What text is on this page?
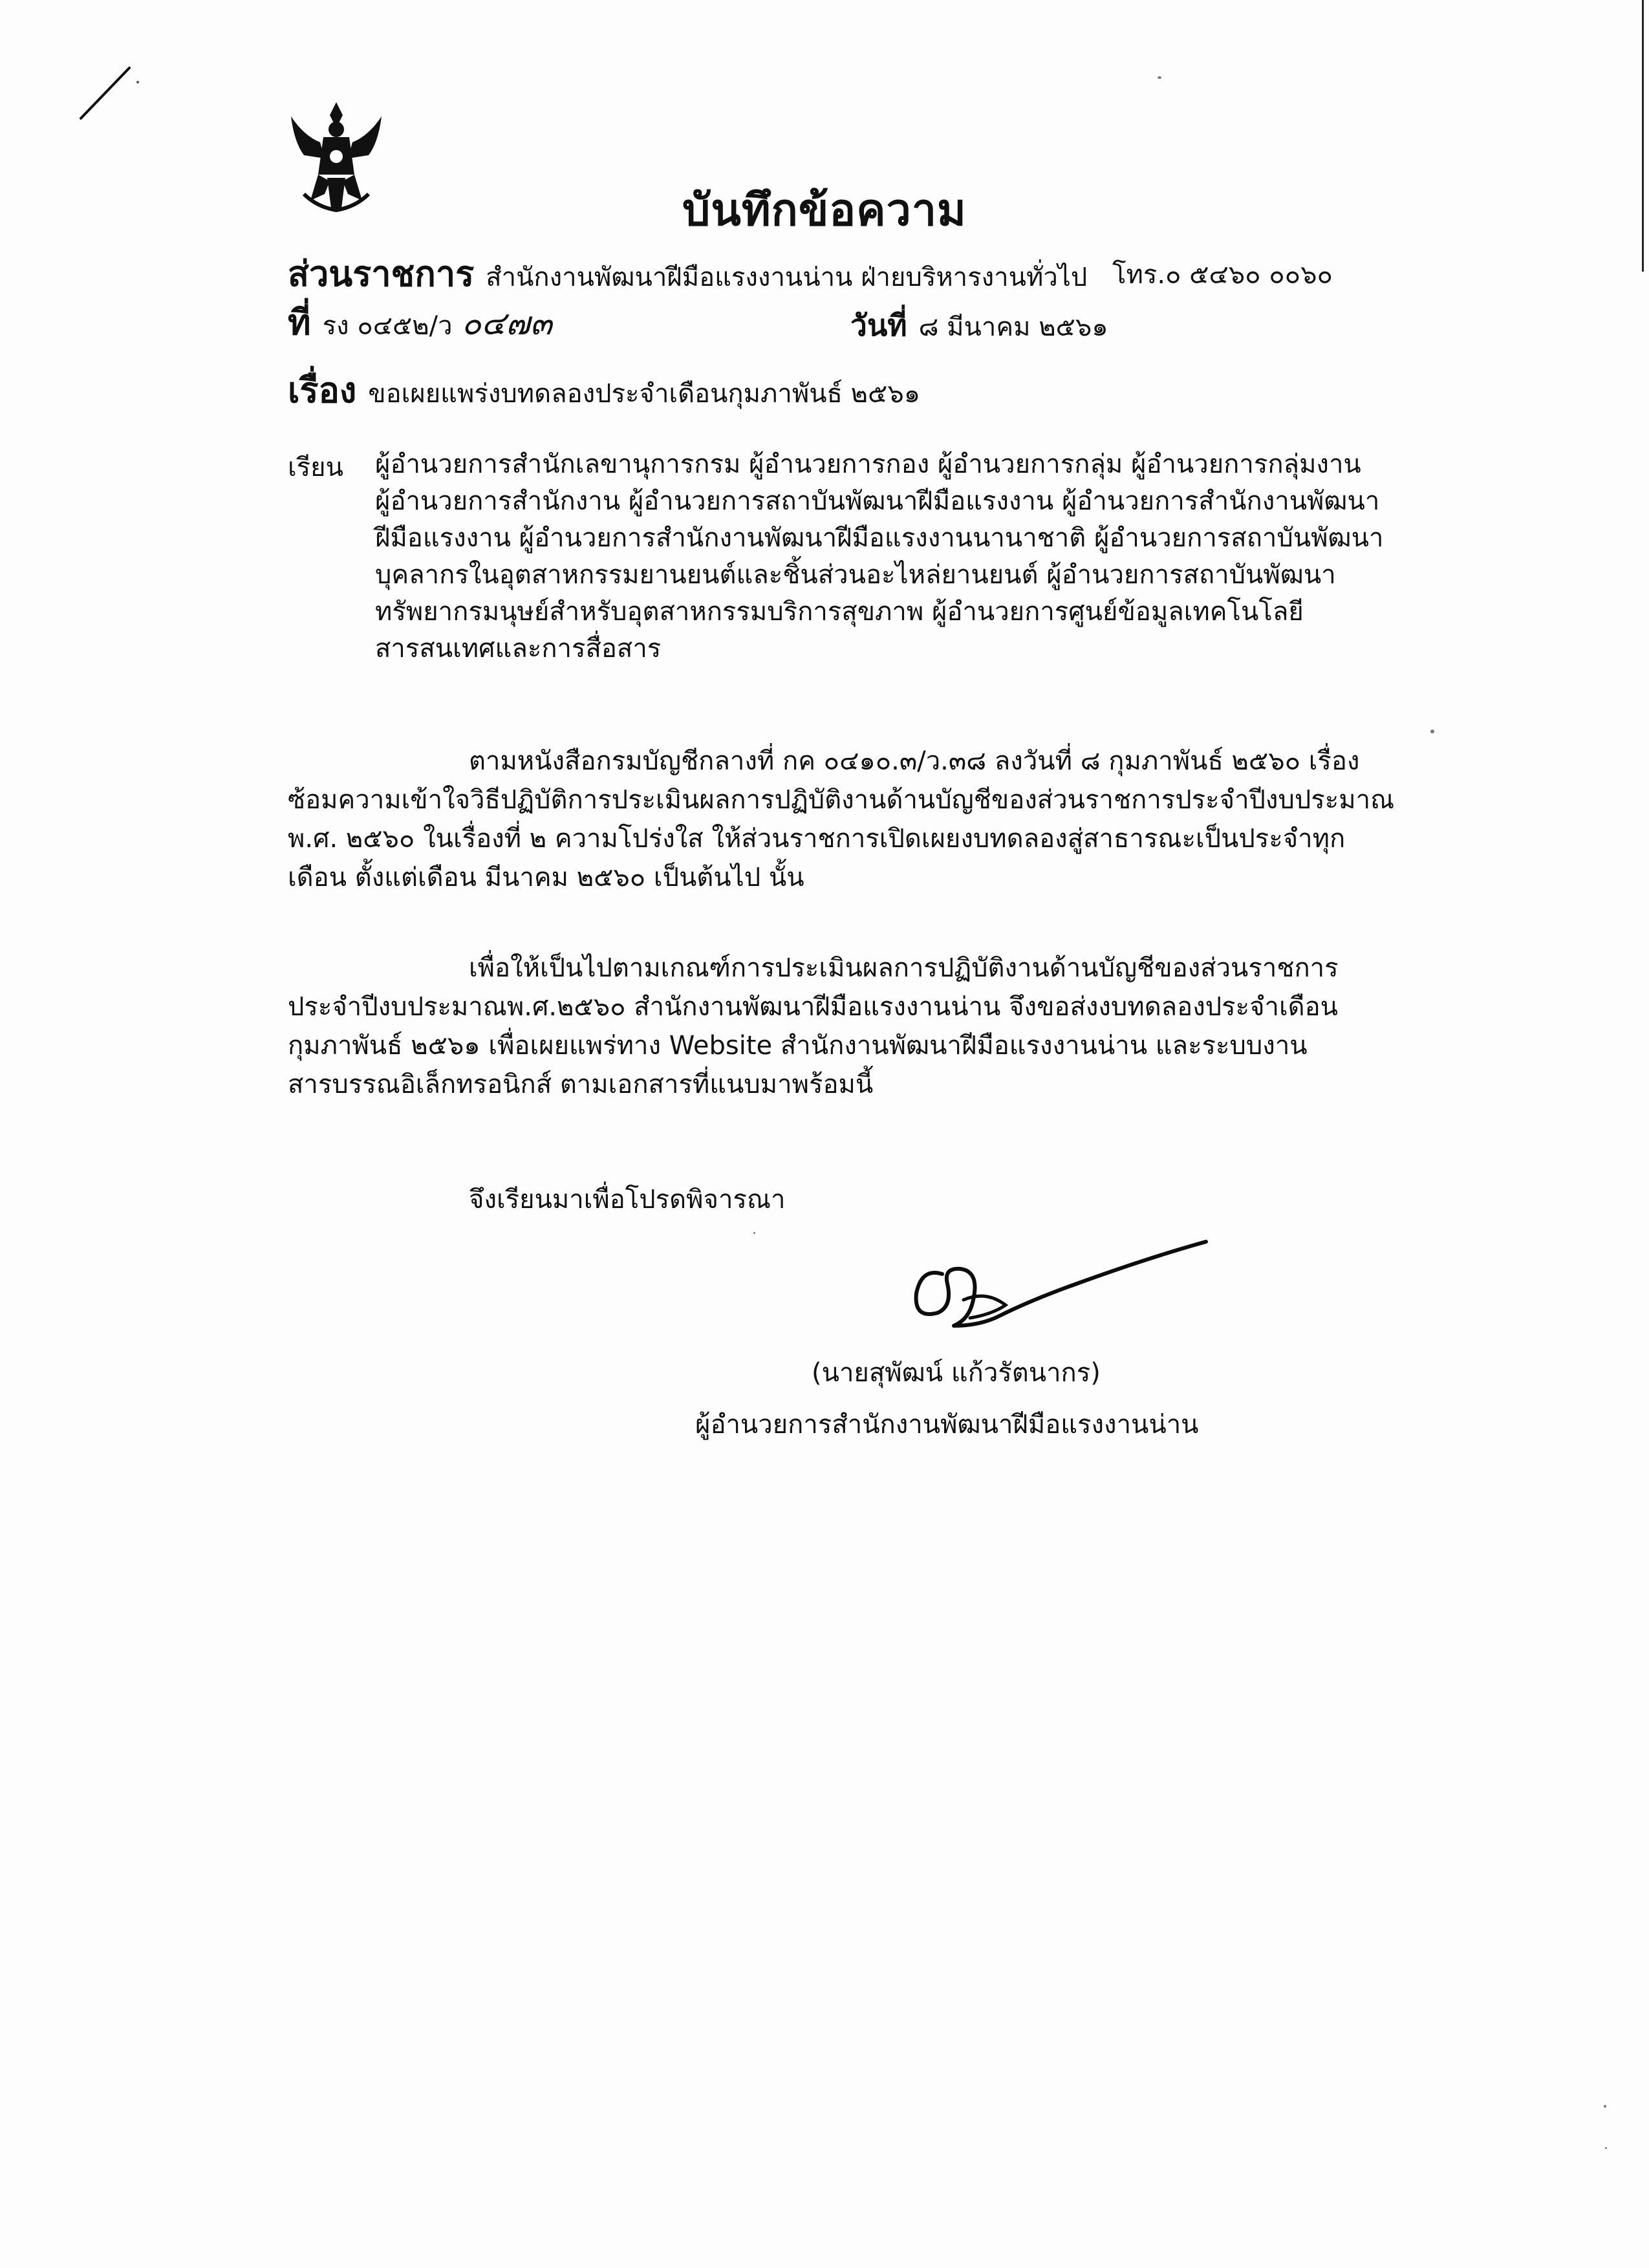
บันทึกข้อความ
ส่วนราชการ สำนักงานพัฒนาฝีมือแรงงานน่าน ฝ่ายบริหารงานทั่วไป โทร.๐ ๕๔๖๐ ๐๐๖๐
ที่ รง ๐๔๕๒/ว ๐๔๗๓	วันที่ ๘ มีนาคม ๒๕๖๑
เรื่อง ขอเผยแพร่งบทดลองประจำเดือนกุมภาพันธ์ ๒๕๖๑
เรียน ผู้อำนวยการสำนักเลขานุการกรม ผู้อำนวยการกอง ผู้อำนวยการกลุ่ม ผู้อำนวยการกลุ่มงาน ผู้อำนวยการสำนักงาน ผู้อำนวยการสถาบันพัฒนาฝีมือแรงงาน ผู้อำนวยการสำนักงานพัฒนาฝีมือแรงงาน ผู้อำนวยการสำนักงานพัฒนาฝีมือแรงงานนานาชาติ ผู้อำนวยการสถาบันพัฒนาบุคลากรในอุตสาหกรรมยานยนต์และชิ้นส่วนอะไหล่ยานยนต์ ผู้อำนวยการสถาบันพัฒนาทรัพยากรมนุษย์สำหรับอุตสาหกรรมบริการสุขภาพ ผู้อำนวยการศูนย์ข้อมูลเทคโนโลยีสารสนเทศและการสื่อสาร
ตามหนังสือกรมบัญชีกลางที่ กค ๐๔๑๐.๓/ว.๓๘ ลงวันที่ ๘ กุมภาพันธ์ ๒๕๖๐ เรื่องซ้อมความเข้าใจวิธีปฏิบัติการประเมินผลการปฏิบัติงานด้านบัญชีของส่วนราชการประจำปีงบประมาณ พ.ศ. ๒๕๖๐ ในเรื่องที่ ๒ ความโปร่งใส ให้ส่วนราชการเปิดเผยงบทดลองสู่สาธารณะเป็นประจำทุกเดือน ตั้งแต่เดือน มีนาคม ๒๕๖๐ เป็นต้นไป นั้น
เพื่อให้เป็นไปตามเกณฑ์การประเมินผลการปฏิบัติงานด้านบัญชีของส่วนราชการประจำปีงบประมาณพ.ศ.๒๕๖๐ สำนักงานพัฒนาฝีมือแรงงานน่าน จึงขอส่งงบทดลองประจำเดือนกุมภาพันธ์ ๒๕๖๑ เพื่อเผยแพร่ทาง Website สำนักงานพัฒนาฝีมือแรงงานน่าน และระบบงานสารบรรณอิเล็กทรอนิกส์ ตามเอกสารที่แนบมาพร้อมนี้
จึงเรียนมาเพื่อโปรดพิจารณา
(นายสุพัฒน์ แก้วรัตนากร)
ผู้อำนวยการสำนักงานพัฒนาฝีมือแรงงานน่าน
